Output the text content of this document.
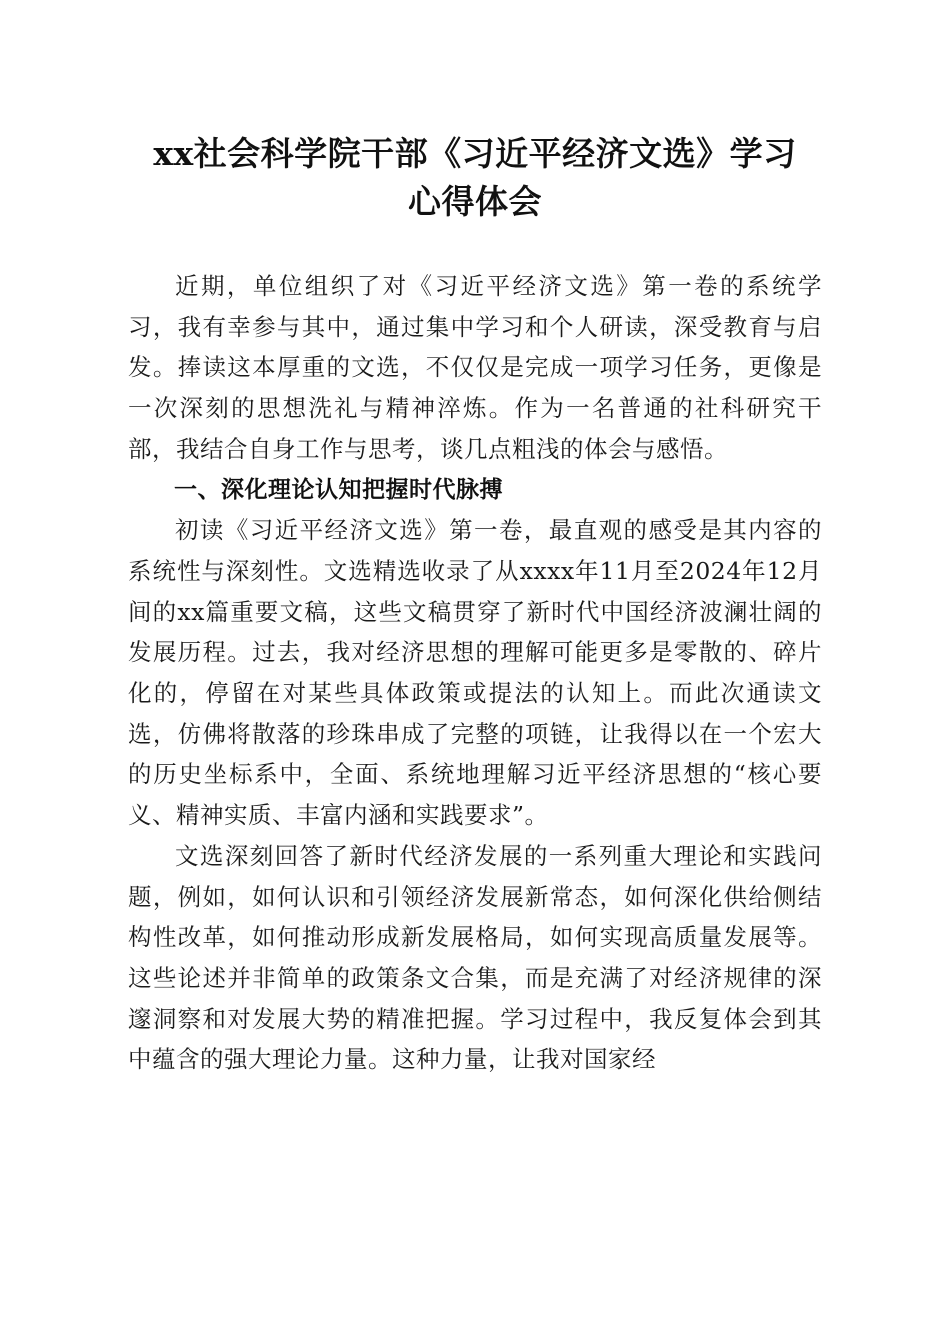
xx社会科学院干部《习近平经济文选》学习
心得体会

近期，单位组织了对《习近平经济文选》第一卷的系统学习，我有幸参与其中，通过集中学习和个人研读，深受教育与启发。捧读这本厚重的文选，不仅仅是完成一项学习任务，更像是一次深刻的思想洗礼与精神淬炼。作为一名普通的社科研究干部，我结合自身工作与思考，谈几点粗浅的体会与感悟。

一、深化理论认知把握时代脉搏

初读《习近平经济文选》第一卷，最直观的感受是其内容的系统性与深刻性。文选精选收录了从xxxx年11月至2024年12月间的xx篇重要文稿，这些文稿贯穿了新时代中国经济波澜壮阔的发展历程。过去，我对经济思想的理解可能更多是零散的、碎片化的，停留在对某些具体政策或提法的认知上。而此次通读文选，仿佛将散落的珍珠串成了完整的项链，让我得以在一个宏大的历史坐标系中，全面、系统地理解习近平经济思想的“核心要义、精神实质、丰富内涵和实践要求”。

文选深刻回答了新时代经济发展的一系列重大理论和实践问题，例如，如何认识和引领经济发展新常态，如何深化供给侧结构性改革，如何推动形成新发展格局，如何实现高质量发展等。这些论述并非简单的政策条文合集，而是充满了对经济规律的深邃洞察和对发展大势的精准把握。学习过程中，我反复体会到其中蕴含的强大理论力量。这种力量，让我对国家经
